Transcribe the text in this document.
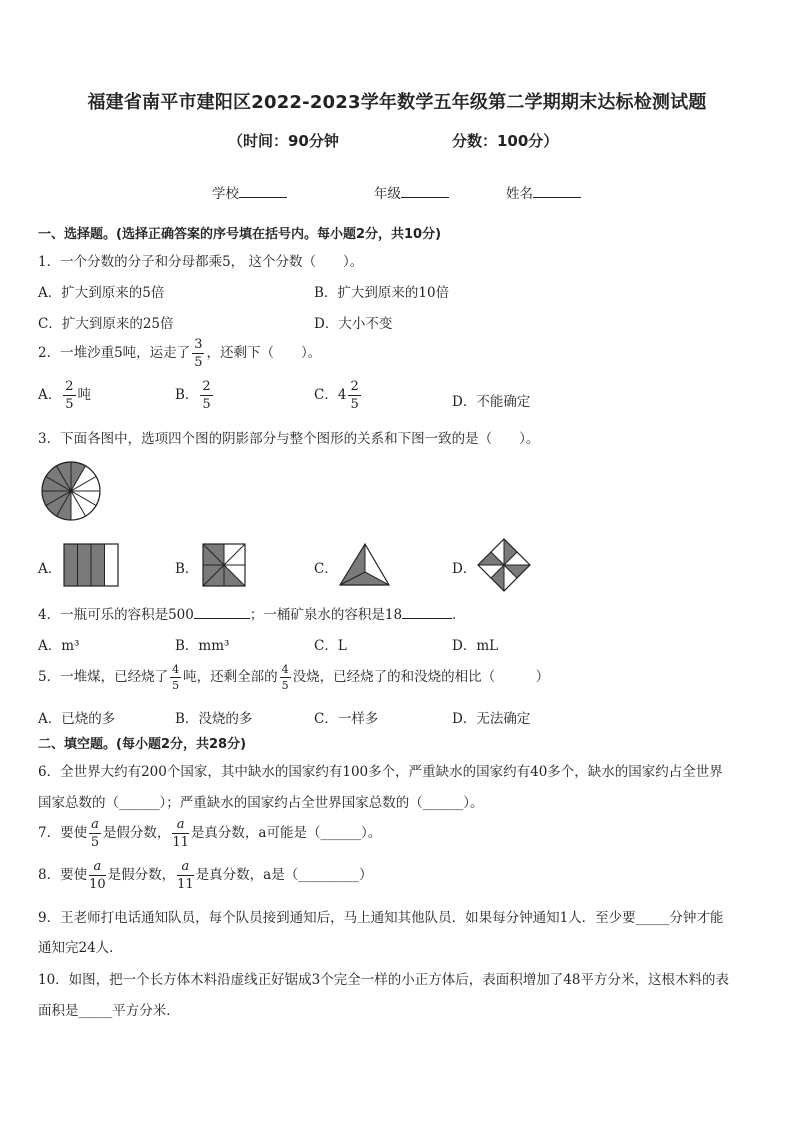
福建省南平市建阳区2022-2023学年数学五年级第二学期期末达标检测试题
（时间：90分钟	分数：100分）
学校	年级	姓名
一、选择题。(选择正确答案的序号填在括号内。每小题2分，共10分)
1．一个分数的分子和分母都乘5， 这个分数（　　）。
A．扩大到原来的5倍	B．扩大到原来的10倍
C．扩大到原来的25倍	D．大小不变
2．一堆沙重5吨，运走了 $\frac{3}{5}$ ，还剩下（　　）。
A． $\frac{2}{5}$ 吨	B． $\frac{2}{5}$	C．$4 \frac{2}{5}$	D．不能确定
3．下面各图中，选项四个图的阴影部分与整个图形的关系和下图一致的是（　　）。
A．	B．	C．	D．
4．一瓶可乐的容积是500	；一桶矿泉水的容积是18	．
A．m³	B．mm³	C．L	D．mL
5．一堆煤，已经烧了 $\frac{4}{5}$ 吨，还剩全部的 $\frac{4}{5}$ 没烧，已经烧了的和没烧的相比（　　　）
A．已烧的多	B．没烧的多	C．一样多	D．无法确定
二、填空题。(每小题2分，共28分)
6．全世界大约有200个国家，其中缺水的国家约有100多个，严重缺水的国家约有40多个，缺水的国家约占全世界
国家总数的（______）；严重缺水的国家约占全世界国家总数的（______）。
7．要使 $\frac{a}{5}$ 是假分数， $\frac{a}{11}$ 是真分数，a可能是（______）。
8．要使 $\frac{a}{10}$ 是假分数， $\frac{a}{11}$ 是真分数，a是（_________）
9．王老师打电话通知队员，每个队员接到通知后，马上通知其他队员．如果每分钟通知1人．至少要_____分钟才能
通知完24人．
10．如图，把一个长方体木料沿虚线正好锯成3个完全一样的小正方体后，表面积增加了48平方分米，这根木料的表
面积是_____平方分米．
